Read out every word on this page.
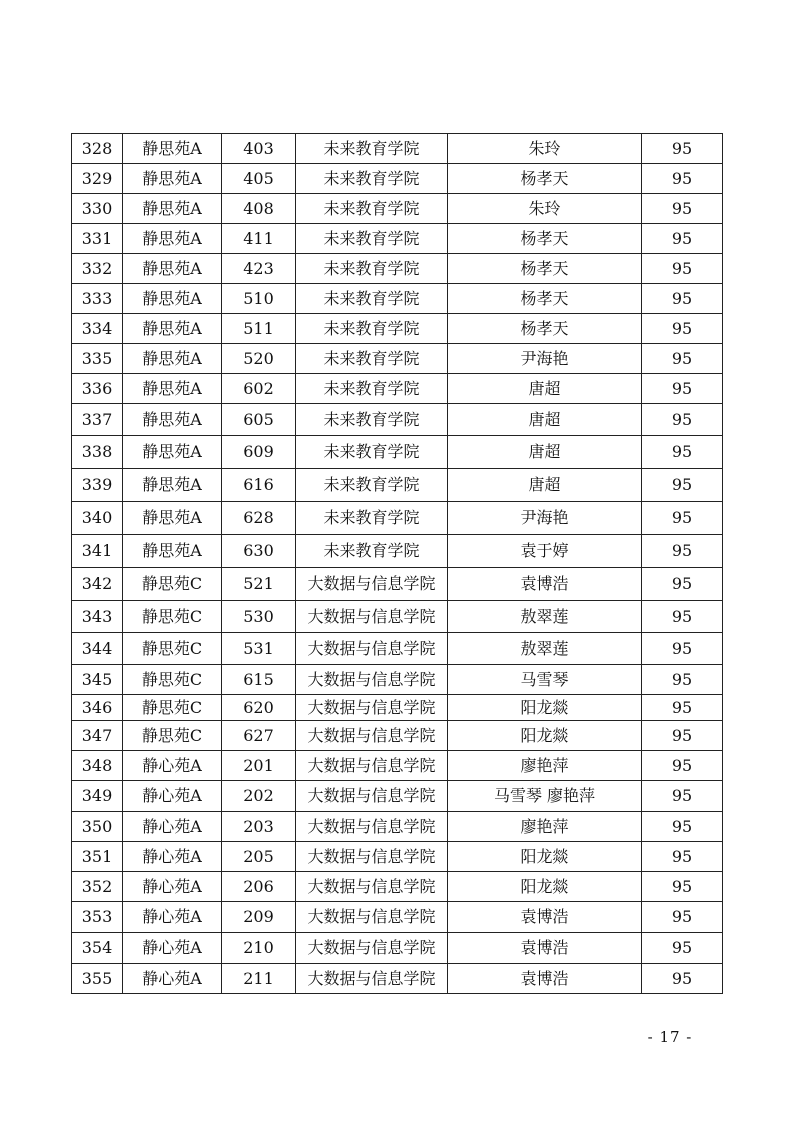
328	静思苑A	403	未来教育学院	朱玲	95
329	静思苑A	405	未来教育学院	杨孝天	95
330	静思苑A	408	未来教育学院	朱玲	95
331	静思苑A	411	未来教育学院	杨孝天	95
332	静思苑A	423	未来教育学院	杨孝天	95
333	静思苑A	510	未来教育学院	杨孝天	95
334	静思苑A	511	未来教育学院	杨孝天	95
335	静思苑A	520	未来教育学院	尹海艳	95
336	静思苑A	602	未来教育学院	唐超	95
337	静思苑A	605	未来教育学院	唐超	95
338	静思苑A	609	未来教育学院	唐超	95
339	静思苑A	616	未来教育学院	唐超	95
340	静思苑A	628	未来教育学院	尹海艳	95
341	静思苑A	630	未来教育学院	袁于婷	95
342	静思苑C	521	大数据与信息学院	袁博浩	95
343	静思苑C	530	大数据与信息学院	敖翠莲	95
344	静思苑C	531	大数据与信息学院	敖翠莲	95
345	静思苑C	615	大数据与信息学院	马雪琴	95
346	静思苑C	620	大数据与信息学院	阳龙燚	95
347	静思苑C	627	大数据与信息学院	阳龙燚	95
348	静心苑A	201	大数据与信息学院	廖艳萍	95
349	静心苑A	202	大数据与信息学院	马雪琴 廖艳萍	95
350	静心苑A	203	大数据与信息学院	廖艳萍	95
351	静心苑A	205	大数据与信息学院	阳龙燚	95
352	静心苑A	206	大数据与信息学院	阳龙燚	95
353	静心苑A	209	大数据与信息学院	袁博浩	95
354	静心苑A	210	大数据与信息学院	袁博浩	95
355	静心苑A	211	大数据与信息学院	袁博浩	95
- 17 -
